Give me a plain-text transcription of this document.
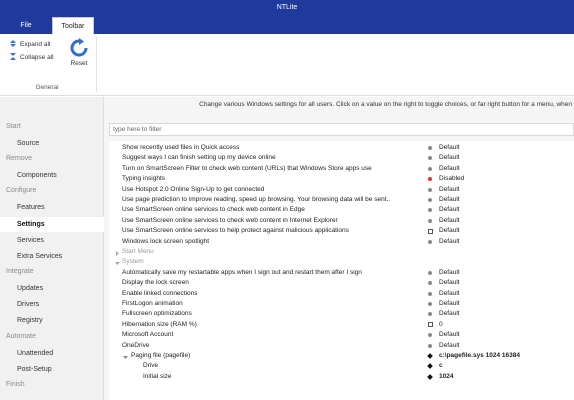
NTLite
File	Toolbar
Expand all
Collapse all
Reset
General
Start
Source
Remove
Components
Configure
Features
Settings
Services
Extra Services
Integrate
Updates
Drivers
Registry
Automate
Unattended
Post-Setup
Finish
Change various Windows settings for all users. Click on a value on the right to toggle choices, or far right button for a menu, when
type here to filter
Show recently used files in Quick access	Default
Suggest ways I can finish setting up my device online	Default
Turn on SmartScreen Filter to check web content (URLs) that Windows Store apps use	Default
Typing insights	Disabled
Use Hotspot 2.0 Online Sign-Up to get connected	Default
Use page prediction to improve reading, speed up browsing. Your browsing data will be sent..	Default
Use SmartScreen online services to check web content in Edge	Default
Use SmartScreen online services to check web content in Internet Explorer	Default
Use SmartScreen online services to help protect against malicious applications	Default
Windows lock screen spotlight	Default
Start Menu
System
Automatically save my restartable apps when I sign out and restart them after I sign	Default
Display the lock screen	Default
Enable linked connections	Default
FirstLogon animation	Default
Fullscreen optimizations	Default
Hibernation size (RAM %)	0
Microsoft Account	Default
OneDrive	Default
Paging file (pagefile)	c:\pagefile.sys 1024 16384
Drive	c
Initial size	1024
